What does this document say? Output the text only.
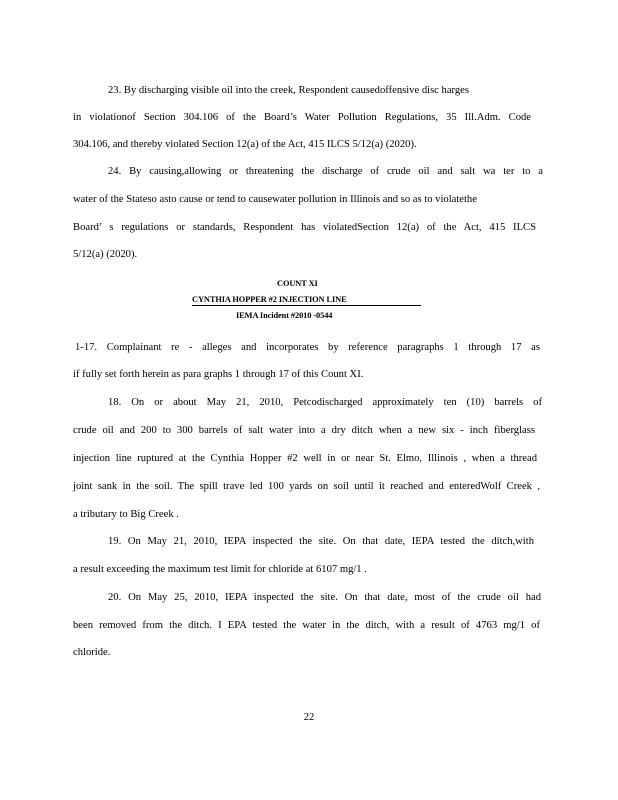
23. By discharging visible oil into the creek, Respondent causedoffensive disc harges
in violationof Section 304.106 of the Board’s Water Pollution Regulations, 35 Ill.Adm. Code
304.106, and thereby violated Section 12(a) of the Act, 415 ILCS 5/12(a) (2020).
24. By causing,allowing or threatening the discharge of crude oil and salt wa ter to a
water of the Stateso asto cause or tend to causewater pollution in Illinois and so as to violatethe
Board’ s regulations or standards, Respondent has violatedSection 12(a) of the Act, 415 ILCS
5/12(a) (2020).
COUNT XI
CYNTHIA HOPPER #2 INJECTION LINE
IEMA Incident #2010 -0544
1-17. Complainant re - alleges and incorporates by reference paragraphs 1 through 17 as
if fully set forth herein as para graphs 1 through 17 of this Count XI.
18. On or about May 21, 2010, Petcodischarged approximately ten (10) barrels of
crude oil and 200 to 300 barrels of salt water into a dry ditch when a new six - inch fiberglass
injection line ruptured at the Cynthia Hopper #2 well in or near St. Elmo, Illinois , when a thread
joint sank in the soil. The spill trave led 100 yards on soil until it reached and enteredWolf Creek ,
a tributary to Big Creek .
19. On May 21, 2010, IEPA inspected the site. On that date, IEPA tested the ditch,with
a result exceeding the maximum test limit for chloride at 6107 mg/1 .
20. On May 25, 2010, IEPA inspected the site. On that date, most of the crude oil had
been removed from the ditch. I EPA tested the water in the ditch, with a result of 4763 mg/1 of
chloride.
22
